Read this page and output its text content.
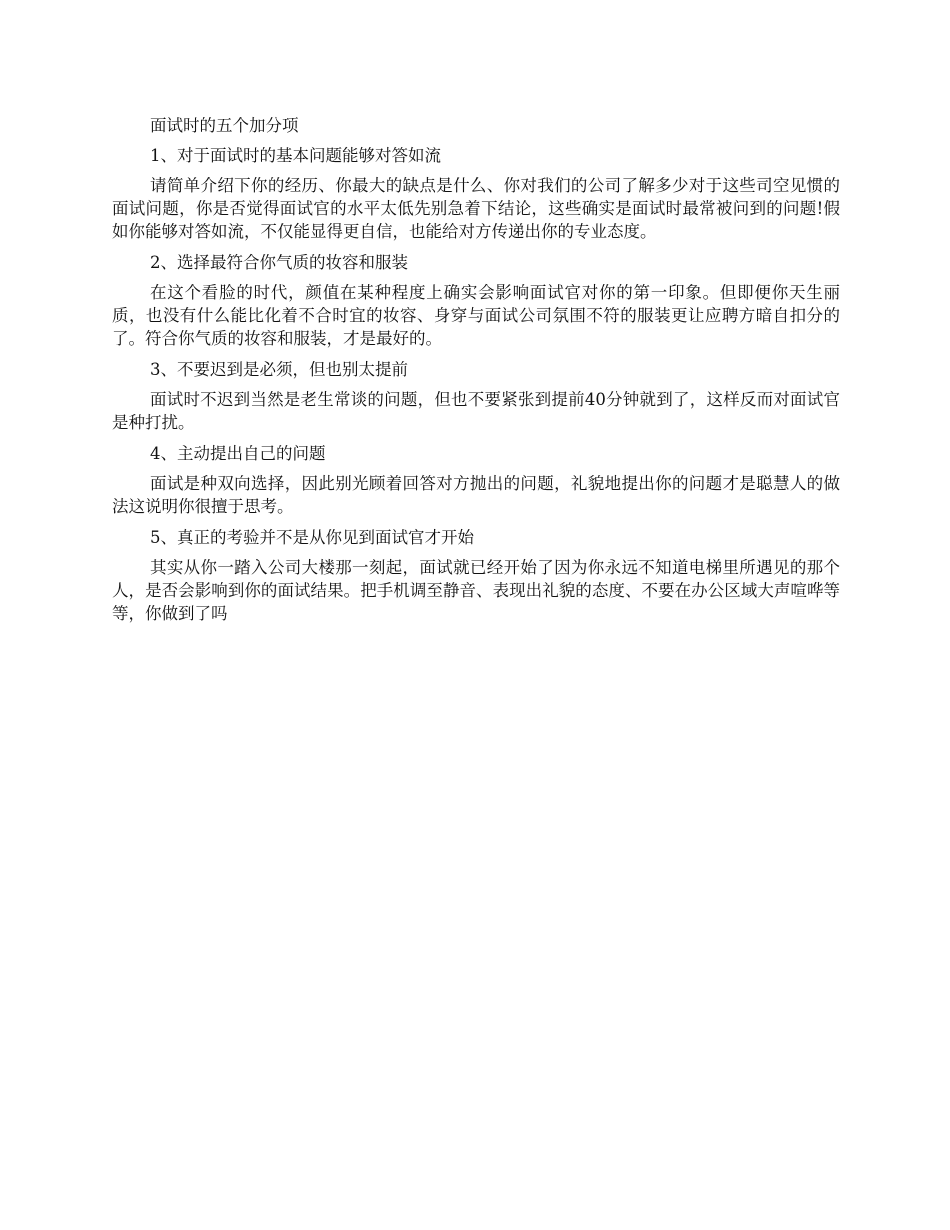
面试时的五个加分项

1、对于面试时的基本问题能够对答如流

请简单介绍下你的经历、你最大的缺点是什么、你对我们的公司了解多少对于这些司空见惯的面试问题，你是否觉得面试官的水平太低先别急着下结论，这些确实是面试时最常被问到的问题!假如你能够对答如流，不仅能显得更自信，也能给对方传递出你的专业态度。

2、选择最符合你气质的妆容和服装

在这个看脸的时代，颜值在某种程度上确实会影响面试官对你的第一印象。但即便你天生丽质，也没有什么能比化着不合时宜的妆容、身穿与面试公司氛围不符的服装更让应聘方暗自扣分的了。符合你气质的妆容和服装，才是最好的。

3、不要迟到是必须，但也别太提前

面试时不迟到当然是老生常谈的问题，但也不要紧张到提前40分钟就到了，这样反而对面试官是种打扰。

4、主动提出自己的问题

面试是种双向选择，因此别光顾着回答对方抛出的问题，礼貌地提出你的问题才是聪慧人的做法这说明你很擅于思考。

5、真正的考验并不是从你见到面试官才开始

其实从你一踏入公司大楼那一刻起，面试就已经开始了因为你永远不知道电梯里所遇见的那个人，是否会影响到你的面试结果。把手机调至静音、表现出礼貌的态度、不要在办公区域大声喧哗等等，你做到了吗
